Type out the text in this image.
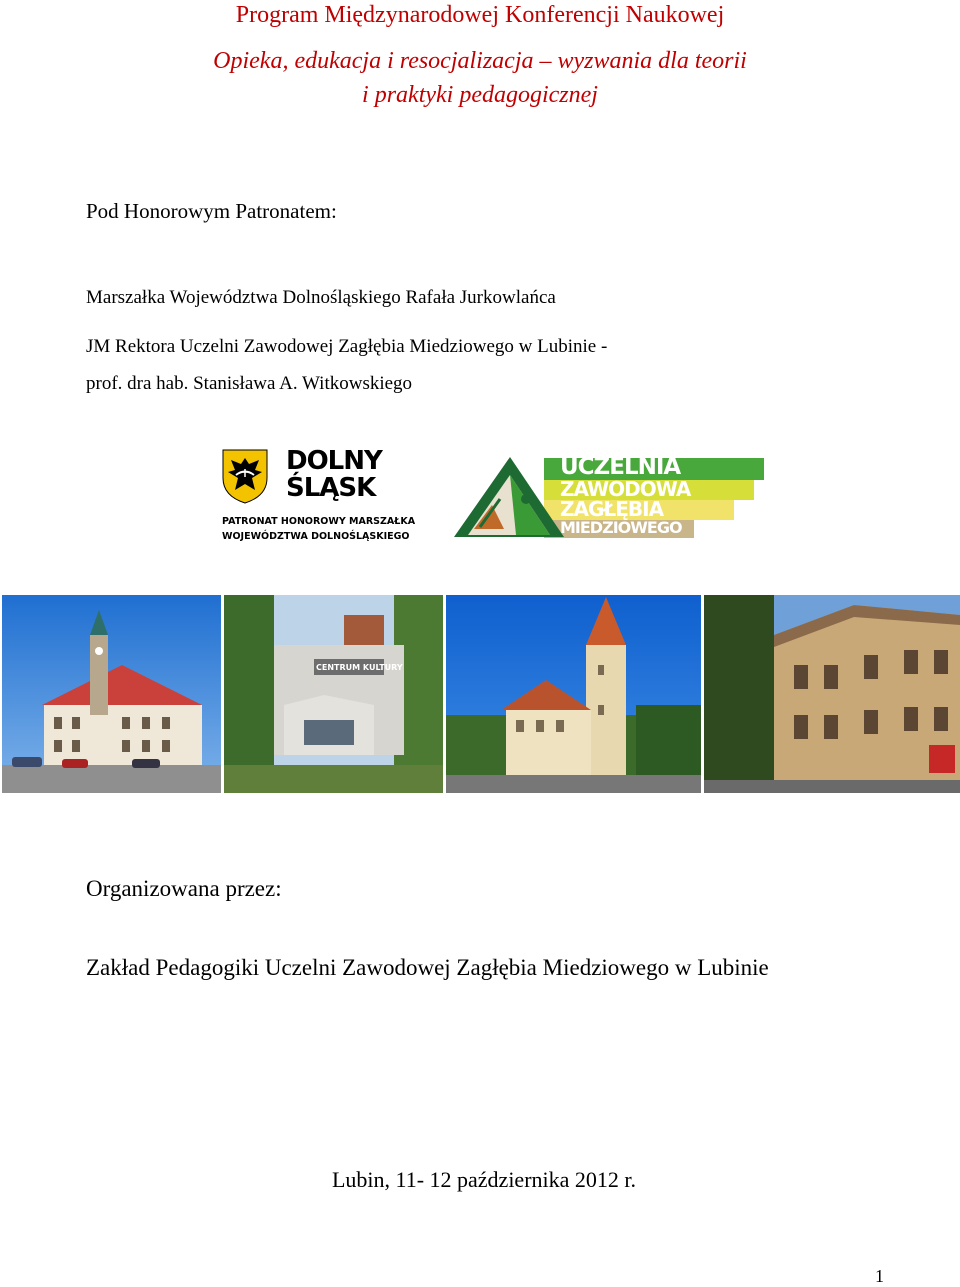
Program Międzynarodowej Konferencji Naukowej
Opieka, edukacja i resocjalizacja – wyzwania dla teorii
i praktyki pedagogicznej
Pod Honorowym Patronatem:
Marszałka Województwa Dolnośląskiego Rafała Jurkowlańca
JM Rektora Uczelni Zawodowej Zagłębia Miedziowego w Lubinie -
prof. dra hab. Stanisława A. Witkowskiego
DOLNY
ŚLĄSK
PATRONAT HONOROWY MARSZAŁKA
WOJEWÓDZTWA DOLNOŚLĄSKIEGO
UCZELNIA
ZAWODOWA
ZAGŁĘBIA
MIEDZIOWEGO
CENTRUM KULTURY
Organizowana przez:
Zakład Pedagogiki Uczelni Zawodowej Zagłębia Miedziowego w Lubinie
Lubin, 11- 12 października 2012 r.
1
